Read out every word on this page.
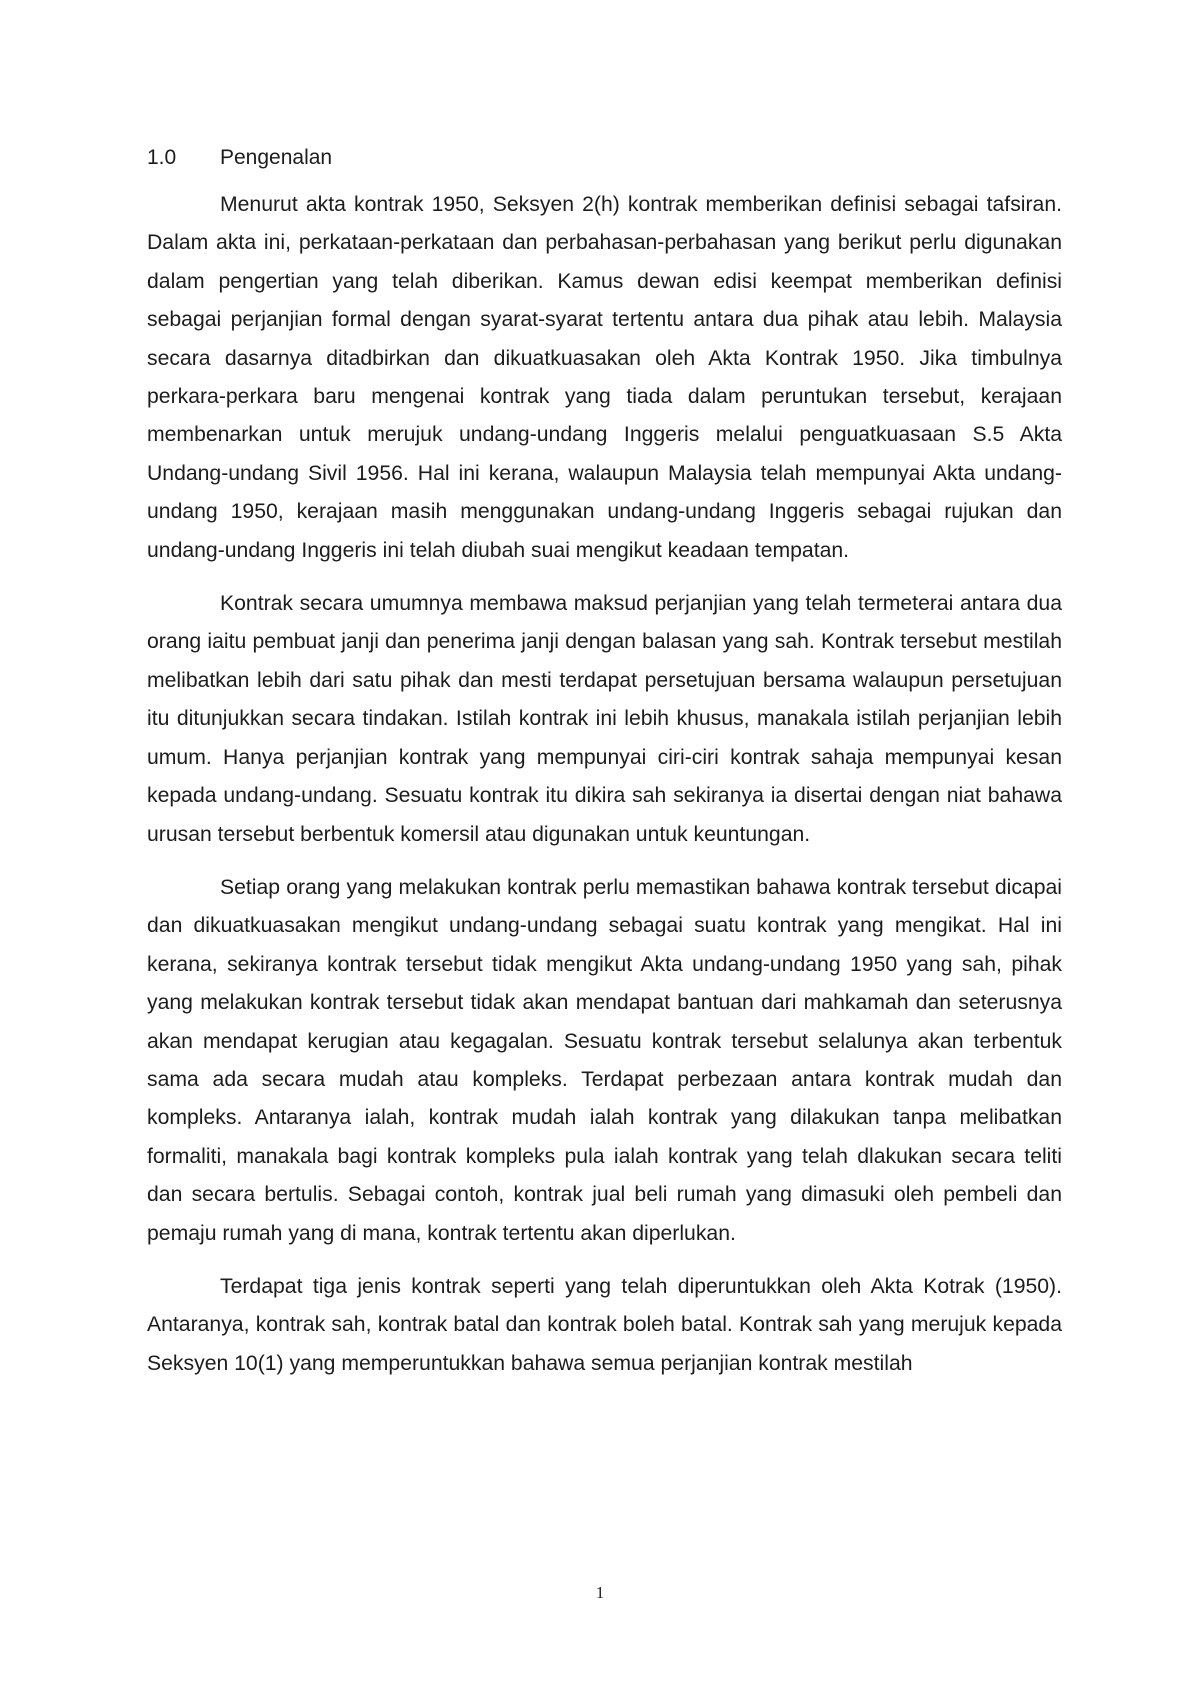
1.0	Pengenalan

Menurut akta kontrak 1950, Seksyen 2(h) kontrak memberikan definisi sebagai tafsiran. Dalam akta ini, perkataan-perkataan dan perbahasan-perbahasan yang berikut perlu digunakan dalam pengertian yang telah diberikan. Kamus dewan edisi keempat memberikan definisi sebagai perjanjian formal dengan syarat-syarat tertentu antara dua pihak atau lebih. Malaysia secara dasarnya ditadbirkan dan dikuatkuasakan oleh Akta Kontrak 1950. Jika timbulnya perkara-perkara baru mengenai kontrak yang tiada dalam peruntukan tersebut, kerajaan membenarkan untuk merujuk undang-undang Inggeris melalui penguatkuasaan S.5 Akta Undang-undang Sivil 1956. Hal ini kerana, walaupun Malaysia telah mempunyai Akta undang-undang 1950, kerajaan masih menggunakan undang-undang Inggeris sebagai rujukan dan undang-undang Inggeris ini telah diubah suai mengikut keadaan tempatan.

Kontrak secara umumnya membawa maksud perjanjian yang telah termeterai antara dua orang iaitu pembuat janji dan penerima janji dengan balasan yang sah. Kontrak tersebut mestilah melibatkan lebih dari satu pihak dan mesti terdapat persetujuan bersama walaupun persetujuan itu ditunjukkan secara tindakan. Istilah kontrak ini lebih khusus, manakala istilah perjanjian lebih umum. Hanya perjanjian kontrak yang mempunyai ciri-ciri kontrak sahaja mempunyai kesan kepada undang-undang. Sesuatu kontrak itu dikira sah sekiranya ia disertai dengan niat bahawa urusan tersebut berbentuk komersil atau digunakan untuk keuntungan.

Setiap orang yang melakukan kontrak perlu memastikan bahawa kontrak tersebut dicapai dan dikuatkuasakan mengikut undang-undang sebagai suatu kontrak yang mengikat. Hal ini kerana, sekiranya kontrak tersebut tidak mengikut Akta undang-undang 1950 yang sah, pihak yang melakukan kontrak tersebut tidak akan mendapat bantuan dari mahkamah dan seterusnya akan mendapat kerugian atau kegagalan. Sesuatu kontrak tersebut selalunya akan terbentuk sama ada secara mudah atau kompleks. Terdapat perbezaan antara kontrak mudah dan kompleks. Antaranya ialah, kontrak mudah ialah kontrak yang dilakukan tanpa melibatkan formaliti, manakala bagi kontrak kompleks pula ialah kontrak yang telah dlakukan secara teliti dan secara bertulis. Sebagai contoh, kontrak jual beli rumah yang dimasuki oleh pembeli dan pemaju rumah yang di mana, kontrak tertentu akan diperlukan.

Terdapat tiga jenis kontrak seperti yang telah diperuntukkan oleh Akta Kotrak (1950). Antaranya, kontrak sah, kontrak batal dan kontrak boleh batal. Kontrak sah yang merujuk kepada Seksyen 10(1) yang memperuntukkan bahawa semua perjanjian kontrak mestilah

1
